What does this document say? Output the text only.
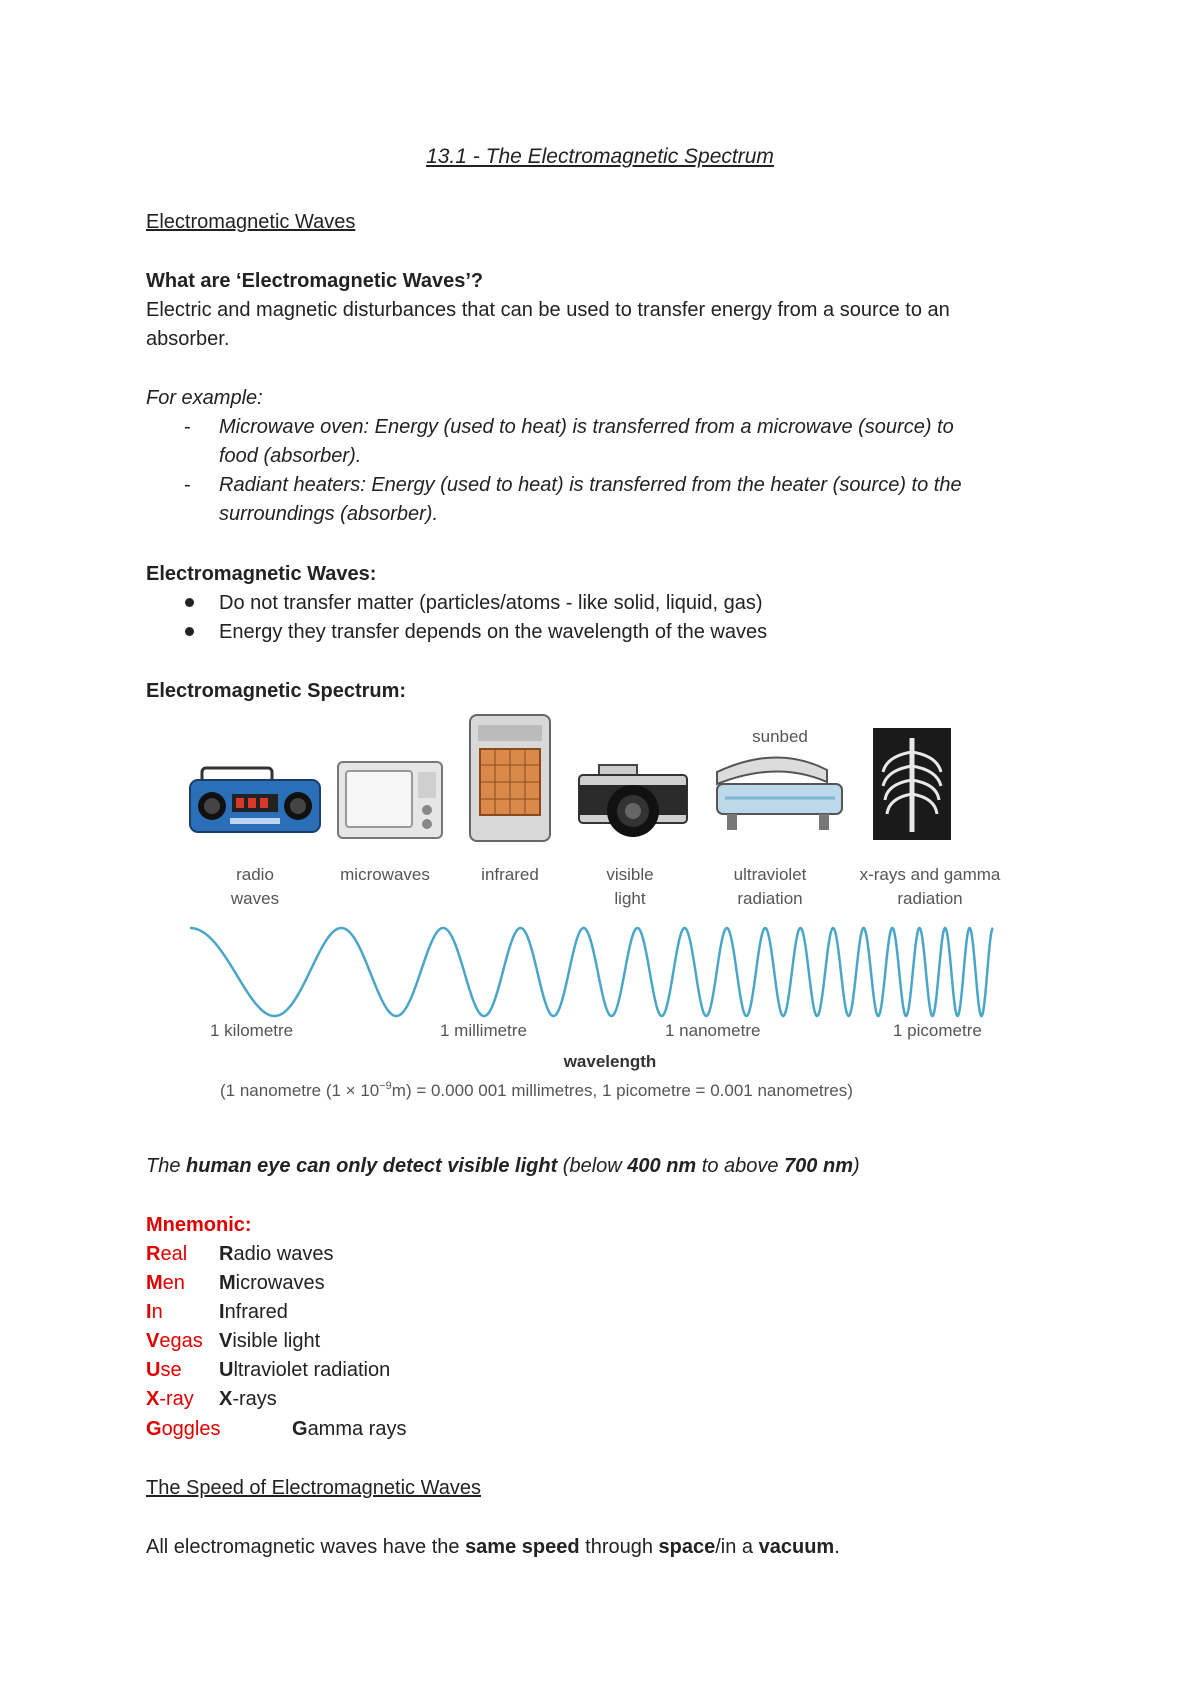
13.1 - The Electromagnetic Spectrum
Electromagnetic Waves
What are ‘Electromagnetic Waves’?
Electric and magnetic disturbances that can be used to transfer energy from a source to an
absorber.
For example:
-	Microwave oven: Energy (used to heat) is transferred from a microwave (source) to
food (absorber).
-	Radiant heaters: Energy (used to heat) is transferred from the heater (source) to the
surroundings (absorber).
Electromagnetic Waves:
Do not transfer matter (particles/atoms - like solid, liquid, gas)
Energy they transfer depends on the wavelength of the waves
Electromagnetic Spectrum:
sunbed
radio
waves
microwaves	infrared	visible
light
ultraviolet
radiation
x-rays and gamma
radiation
1 kilometre	1 millimetre	1 nanometre	1 picometre
wavelength
(1 nanometre $(1 \times 10^{-9}m) = 0.000$ 001 millimetres, 1 picometre = 0.001 nanometres)
The human eye can only detect visible light (below 400 nm to above 700 nm)
Mnemonic:
Real Radio waves
Men Microwaves
In	Infrared
Vegas Visible light
Use Ultraviolet radiation
X-ray X-rays
Goggles	Gamma rays
The Speed of Electromagnetic Waves
All electromagnetic waves have the same speed through space/in a vacuum.
